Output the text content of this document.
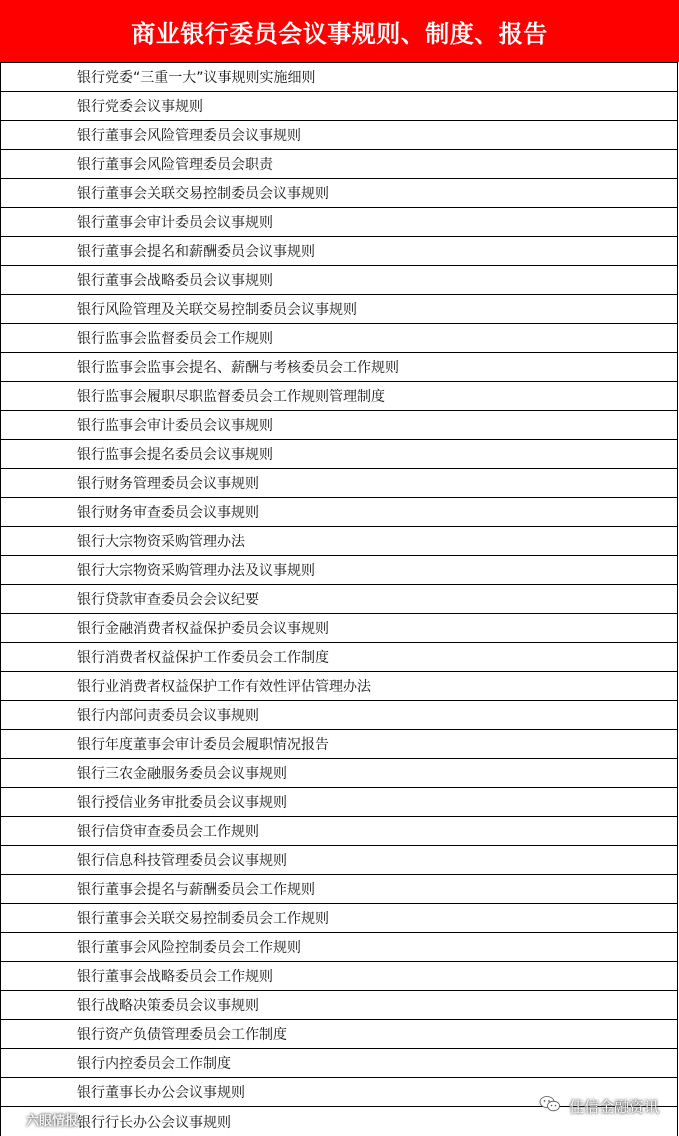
商业银行委员会议事规则、制度、报告
银行党委“三重一大”议事规则实施细则
银行党委会议事规则
银行董事会风险管理委员会议事规则
银行董事会风险管理委员会职责
银行董事会关联交易控制委员会议事规则
银行董事会审计委员会议事规则
银行董事会提名和薪酬委员会议事规则
银行董事会战略委员会议事规则
银行风险管理及关联交易控制委员会议事规则
银行监事会监督委员会工作规则
银行监事会监事会提名、薪酬与考核委员会工作规则
银行监事会履职尽职监督委员会工作规则管理制度
银行监事会审计委员会议事规则
银行监事会提名委员会议事规则
银行财务管理委员会议事规则
银行财务审查委员会议事规则
银行大宗物资采购管理办法
银行大宗物资采购管理办法及议事规则
银行贷款审查委员会会议纪要
银行金融消费者权益保护委员会议事规则
银行消费者权益保护工作委员会工作制度
银行业消费者权益保护工作有效性评估管理办法
银行内部问责委员会议事规则
银行年度董事会审计委员会履职情况报告
银行三农金融服务委员会议事规则
银行授信业务审批委员会议事规则
银行信贷审查委员会工作规则
银行信息科技管理委员会议事规则
银行董事会提名与薪酬委员会工作规则
银行董事会关联交易控制委员会工作规则
银行董事会风险控制委员会工作规则
银行董事会战略委员会工作规则
银行战略决策委员会议事规则
银行资产负债管理委员会工作制度
银行内控委员会工作制度
银行董事长办公会议事规则
银行行长办公会议事规则
六眼情报
佳信金融资讯
